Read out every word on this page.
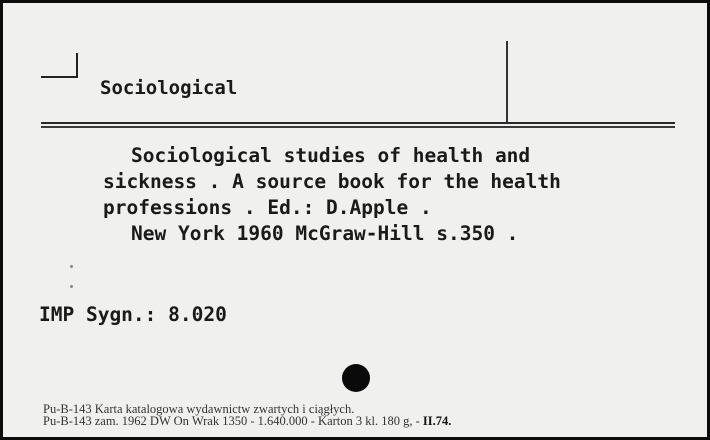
Sociological
Sociological studies of health and
sickness . A source book for the health
professions . Ed.: D.Apple .
New York 1960 McGraw-Hill s.350 .
IMP Sygn.: 8.020
Pu-B-143 Karta katalogowa wydawnictw zwartych i ciągłych.
Pu-B-143 zam. 1962 DW On Wrak 1350 - 1.640.000 - Karton 3 kl. 180 g, - II.74.
